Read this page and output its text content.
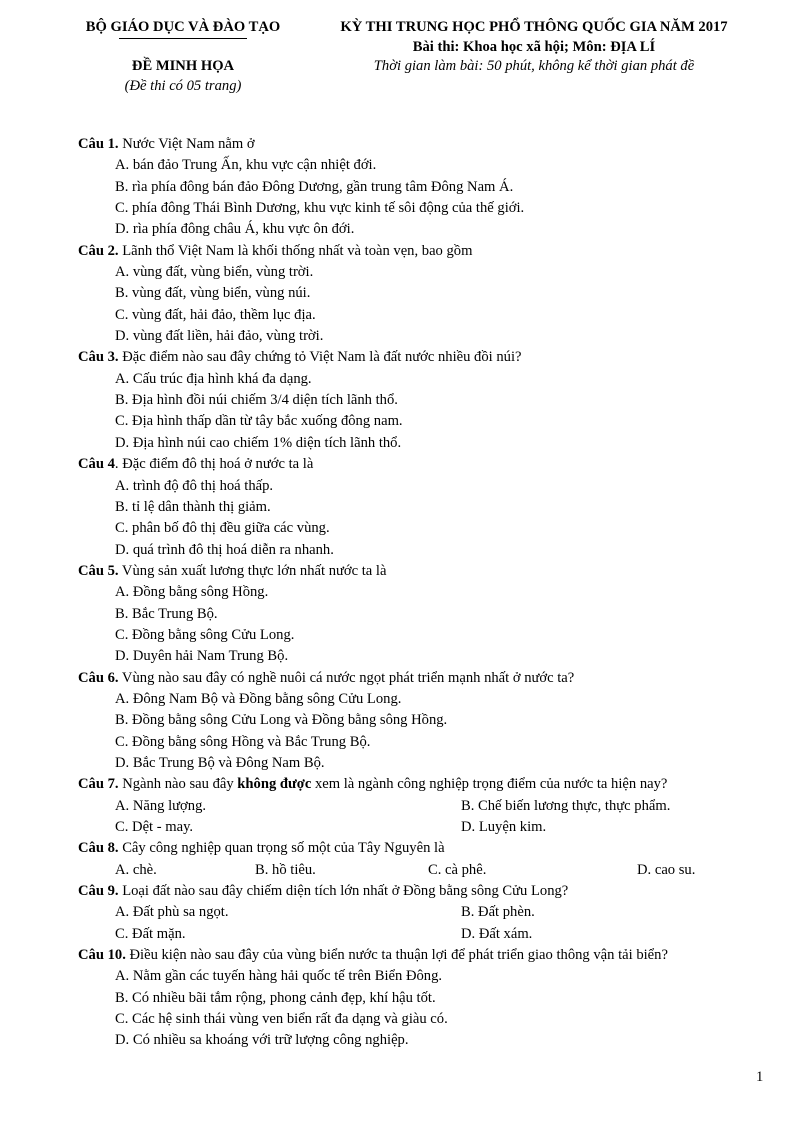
BỘ GIÁO DỤC VÀ ĐÀO TẠO
ĐỀ MINH HỌA
(Đề thi có 05 trang)
KỲ THI TRUNG HỌC PHỔ THÔNG QUỐC GIA NĂM 2017
Bài thi: Khoa học xã hội; Môn: ĐỊA LÍ
Thời gian làm bài: 50 phút, không kể thời gian phát đề
Câu 1. Nước Việt Nam nằm ở
A. bán đảo Trung Ấn, khu vực cận nhiệt đới.
B. rìa phía đông bán đảo Đông Dương, gần trung tâm Đông Nam Á.
C. phía đông Thái Bình Dương, khu vực kinh tế sôi động của thế giới.
D. rìa phía đông châu Á, khu vực ôn đới.
Câu 2. Lãnh thổ Việt Nam là khối thống nhất và toàn vẹn, bao gồm
A. vùng đất, vùng biển, vùng trời.
B. vùng đất, vùng biển, vùng núi.
C. vùng đất, hải đảo, thềm lục địa.
D. vùng đất liền, hải đảo, vùng trời.
Câu 3. Đặc điểm nào sau đây chứng tỏ Việt Nam là đất nước nhiều đồi núi?
A. Cấu trúc địa hình khá đa dạng.
B. Địa hình đồi núi chiếm 3/4 diện tích lãnh thổ.
C. Địa hình thấp dần từ tây bắc xuống đông nam.
D. Địa hình núi cao chiếm 1% diện tích lãnh thổ.
Câu 4. Đặc điểm đô thị hoá ở nước ta là
A. trình độ đô thị hoá thấp.
B. tỉ lệ dân thành thị giảm.
C. phân bố đô thị đều giữa các vùng.
D. quá trình đô thị hoá diễn ra nhanh.
Câu 5. Vùng sản xuất lương thực lớn nhất nước ta là
A. Đồng bằng sông Hồng.
B. Bắc Trung Bộ.
C. Đồng bằng sông Cửu Long.
D. Duyên hải Nam Trung Bộ.
Câu 6. Vùng nào sau đây có nghề nuôi cá nước ngọt phát triển mạnh nhất ở nước ta?
A. Đông Nam Bộ và Đồng bằng sông Cửu Long.
B. Đồng bằng sông Cửu Long và Đồng bằng sông Hồng.
C. Đồng bằng sông Hồng và Bắc Trung Bộ.
D. Bắc Trung Bộ và Đông Nam Bộ.
Câu 7. Ngành nào sau đây không được xem là ngành công nghiệp trọng điểm của nước ta hiện nay?
A. Năng lượng.	B. Chế biến lương thực, thực phẩm.
C. Dệt - may.	D. Luyện kim.
Câu 8. Cây công nghiệp quan trọng số một của Tây Nguyên là
A. chè.	B. hồ tiêu.	C. cà phê.	D. cao su.
Câu 9. Loại đất nào sau đây chiếm diện tích lớn nhất ở Đồng bằng sông Cửu Long?
A. Đất phù sa ngọt.	B. Đất phèn.
C. Đất mặn.	D. Đất xám.
Câu 10. Điều kiện nào sau đây của vùng biển nước ta thuận lợi để phát triển giao thông vận tải biển?
A. Nằm gần các tuyến hàng hải quốc tế trên Biển Đông.
B. Có nhiều bãi tắm rộng, phong cảnh đẹp, khí hậu tốt.
C. Các hệ sinh thái vùng ven biển rất đa dạng và giàu có.
D. Có nhiều sa khoáng với trữ lượng công nghiệp.
1
